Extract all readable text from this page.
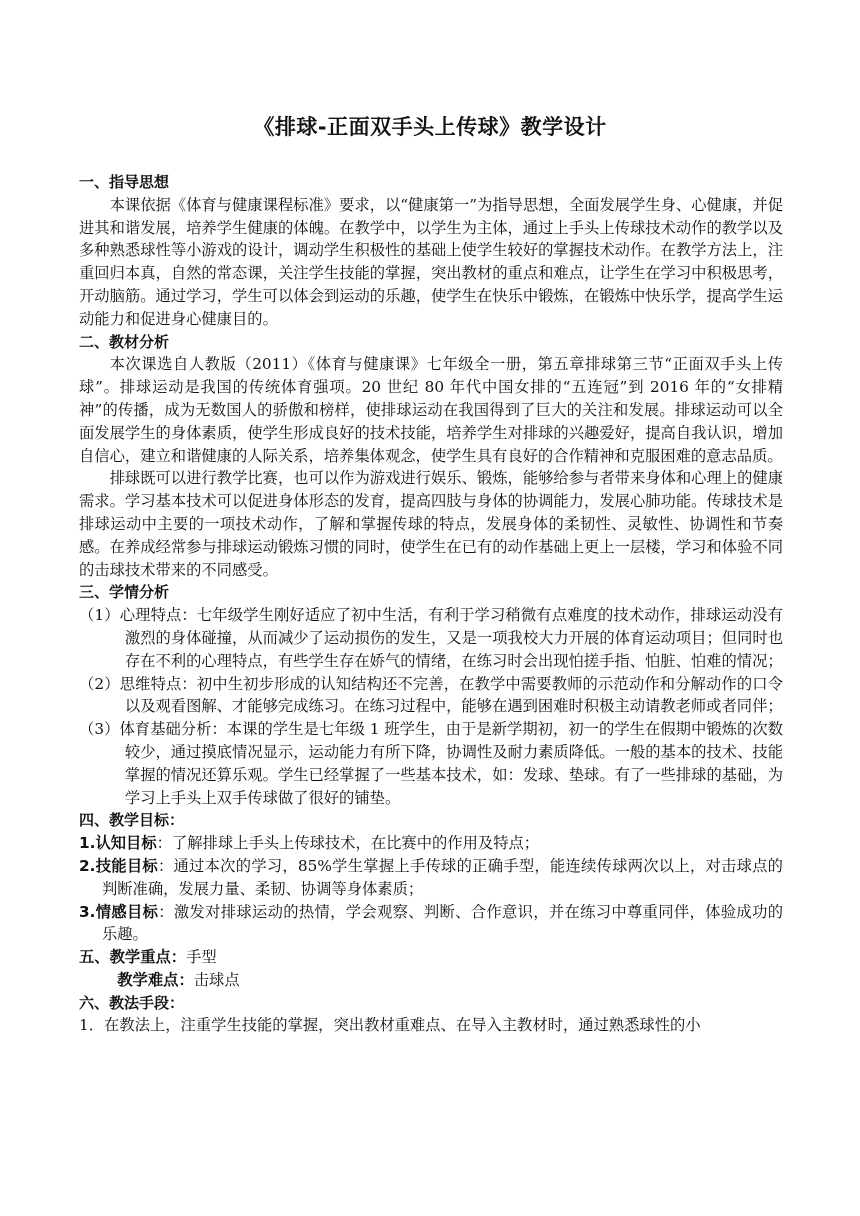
《排球-正面双手头上传球》教学设计

一、指导思想

本课依据《体育与健康课程标准》要求，以“健康第一”为指导思想，全面发展学生身、心健康，并促进其和谐发展，培养学生健康的体魄。在教学中，以学生为主体，通过上手头上传球技术动作的教学以及多种熟悉球性等小游戏的设计，调动学生积极性的基础上使学生较好的掌握技术动作。在教学方法上，注重回归本真，自然的常态课，关注学生技能的掌握，突出教材的重点和难点，让学生在学习中积极思考，开动脑筋。通过学习，学生可以体会到运动的乐趣，使学生在快乐中锻炼，在锻炼中快乐学，提高学生运动能力和促进身心健康目的。

二、教材分析

本次课选自人教版（2011）《体育与健康课》七年级全一册，第五章排球第三节“正面双手头上传球”。排球运动是我国的传统体育强项。20 世纪 80 年代中国女排的“五连冠”到 2016 年的“女排精神”的传播，成为无数国人的骄傲和榜样，使排球运动在我国得到了巨大的关注和发展。排球运动可以全面发展学生的身体素质，使学生形成良好的技术技能，培养学生对排球的兴趣爱好，提高自我认识，增加自信心，建立和谐健康的人际关系，培养集体观念，使学生具有良好的合作精神和克服困难的意志品质。

排球既可以进行教学比赛，也可以作为游戏进行娱乐、锻炼，能够给参与者带来身体和心理上的健康需求。学习基本技术可以促进身体形态的发育，提高四肢与身体的协调能力，发展心肺功能。传球技术是排球运动中主要的一项技术动作，了解和掌握传球的特点，发展身体的柔韧性、灵敏性、协调性和节奏感。在养成经常参与排球运动锻炼习惯的同时，使学生在已有的动作基础上更上一层楼，学习和体验不同的击球技术带来的不同感受。

三、学情分析

（1）心理特点：七年级学生刚好适应了初中生活，有利于学习稍微有点难度的技术动作，排球运动没有激烈的身体碰撞，从而减少了运动损伤的发生，又是一项我校大力开展的体育运动项目；但同时也存在不利的心理特点，有些学生存在娇气的情绪，在练习时会出现怕搓手指、怕脏、怕难的情况；

（2）思维特点：初中生初步形成的认知结构还不完善，在教学中需要教师的示范动作和分解动作的口令以及观看图解、才能够完成练习。在练习过程中，能够在遇到困难时积极主动请教老师或者同伴；

（3）体育基础分析：本课的学生是七年级 1 班学生，由于是新学期初，初一的学生在假期中锻炼的次数较少，通过摸底情况显示，运动能力有所下降，协调性及耐力素质降低。一般的基本的技术、技能掌握的情况还算乐观。学生已经掌握了一些基本技术，如：发球、垫球。有了一些排球的基础，为学习上手头上双手传球做了很好的铺垫。

四、教学目标：

1.认知目标：了解排球上手头上传球技术，在比赛中的作用及特点；

2.技能目标：通过本次的学习，85%学生掌握上手传球的正确手型，能连续传球两次以上，对击球点的判断准确，发展力量、柔韧、协调等身体素质；

3.情感目标：激发对排球运动的热情，学会观察、判断、合作意识，并在练习中尊重同伴，体验成功的乐趣。

五、教学重点：手型

教学难点：击球点

六、教法手段：

1．在教法上，注重学生技能的掌握，突出教材重难点、在导入主教材时，通过熟悉球性的小
